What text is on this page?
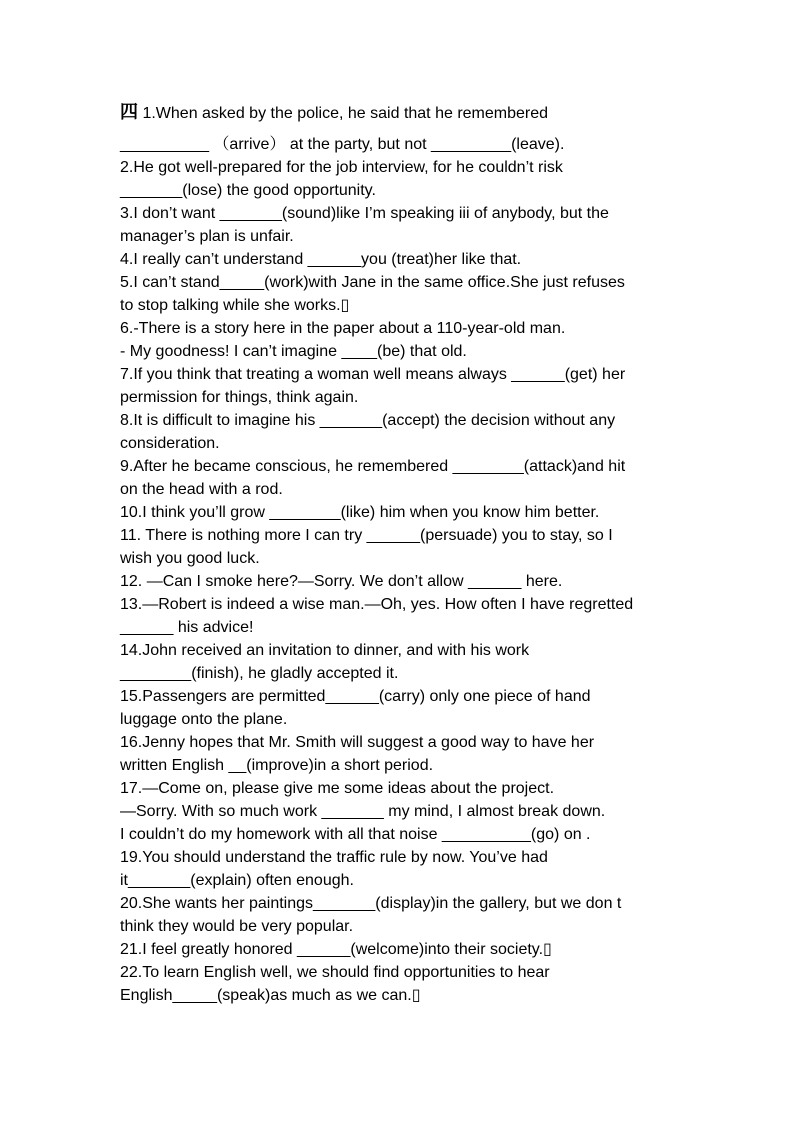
四 1.When asked by the police, he said that he remembered
__________ （arrive） at the party, but not _________(leave).
2.He got well-prepared for the job interview, for he couldn’t risk
_______(lose) the good opportunity.
3.I don’t want _______(sound)like I’m speaking iii of anybody, but the
manager’s plan is unfair.
4.I really can’t understand ______you (treat)her like that.
5.I can’t stand_____(work)with Jane in the same office.She just refuses
to stop talking while she works.▯
6.-There is a story here in the paper about a 110-year-old man.
- My goodness! I can’t imagine ____(be) that old.
7.If you think that treating a woman well means always ______(get) her
permission for things, think again.
8.It is difficult to imagine his _______(accept) the decision without any
consideration.
9.After he became conscious, he remembered ________(attack)and hit
on the head with a rod.
10.I think you’ll grow ________(like) him when you know him better.
11. There is nothing more I can try ______(persuade) you to stay, so I
wish you good luck.
12. —Can I smoke here?—Sorry. We don’t allow ______ here.
13.—Robert is indeed a wise man.—Oh, yes. How often I have regretted
______ his advice!
14.John received an invitation to dinner, and with his work
________(finish), he gladly accepted it.
15.Passengers are permitted______(carry) only one piece of hand
luggage onto the plane.
16.Jenny hopes that Mr. Smith will suggest a good way to have her
written English __(improve)in a short period.
17.—Come on, please give me some ideas about the project.
—Sorry. With so much work _______ my mind, I almost break down.
I couldn’t do my homework with all that noise __________(go) on .
19.You should understand the traffic rule by now. You’ve had
it_______(explain) often enough.
20.She wants her paintings_______(display)in the gallery, but we don t
think they would be very popular.
21.I feel greatly honored ______(welcome)into their society.▯
22.To learn English well, we should find opportunities to hear
English_____(speak)as much as we can.▯
